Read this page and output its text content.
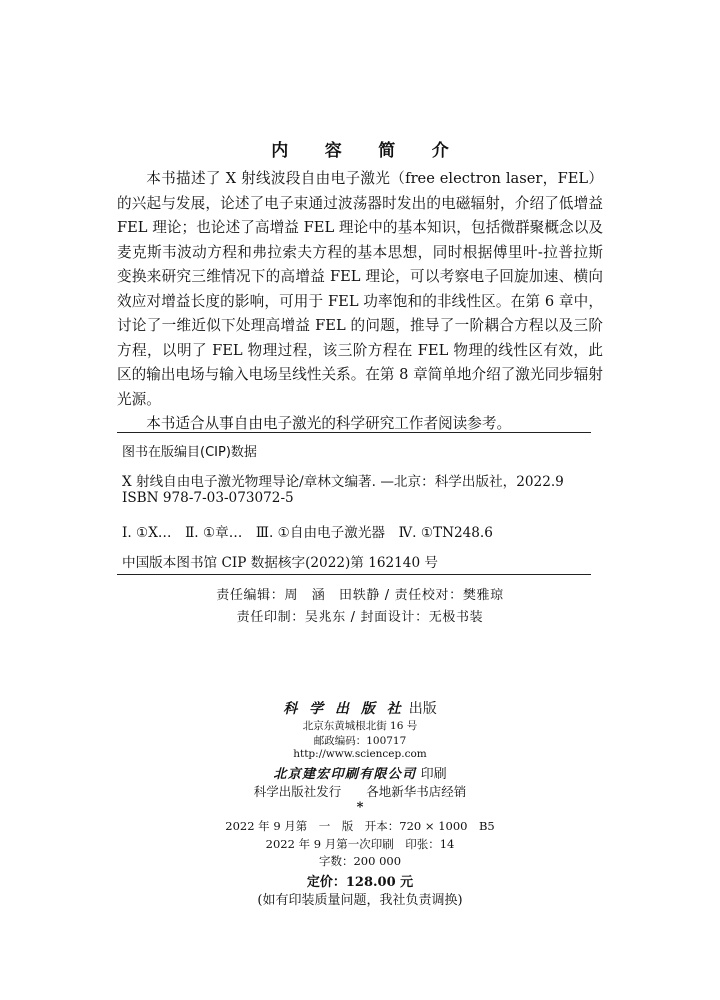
内 容 简 介

本书描述了 X 射线波段自由电子激光（free electron laser，FEL）的兴起与发展，论述了电子束通过波荡器时发出的电磁辐射，介绍了低增益 FEL 理论；也论述了高增益 FEL 理论中的基本知识，包括微群聚概念以及麦克斯韦波动方程和弗拉索夫方程的基本思想，同时根据傅里叶-拉普拉斯变换来研究三维情况下的高增益 FEL 理论，可以考察电子回旋加速、横向效应对增益长度的影响，可用于 FEL 功率饱和的非线性区。在第 6 章中，讨论了一维近似下处理高增益 FEL 的问题，推导了一阶耦合方程以及三阶方程，以明了 FEL 物理过程，该三阶方程在 FEL 物理的线性区有效，此区的输出电场与输入电场呈线性关系。在第 8 章简单地介绍了激光同步辐射光源。

本书适合从事自由电子激光的科学研究工作者阅读参考。

图书在版编目(CIP)数据
X 射线自由电子激光物理导论/章林文编著. —北京：科学出版社，2022.9
ISBN 978-7-03-073072-5
Ⅰ. ①X…　Ⅱ. ①章…　Ⅲ. ①自由电子激光器　Ⅳ. ①TN248.6
中国版本图书馆 CIP 数据核字(2022)第 162140 号
责任编辑：周　涵　田轶静 / 责任校对：樊雅琼
责任印制：吴兆东 / 封面设计：无极书装
科 学 出 版 社 出版
北京东黄城根北街 16 号
邮政编码：100717
http://www.sciencep.com
北京建宏印刷有限公司 印刷
科学出版社发行　　各地新华书店经销
*
2022 年 9 月第　一　版　开本：720 × 1000　B5
2022 年 9 月第一次印刷　印张：14
字数：200 000
定价：128.00 元
(如有印装质量问题，我社负责调换)
